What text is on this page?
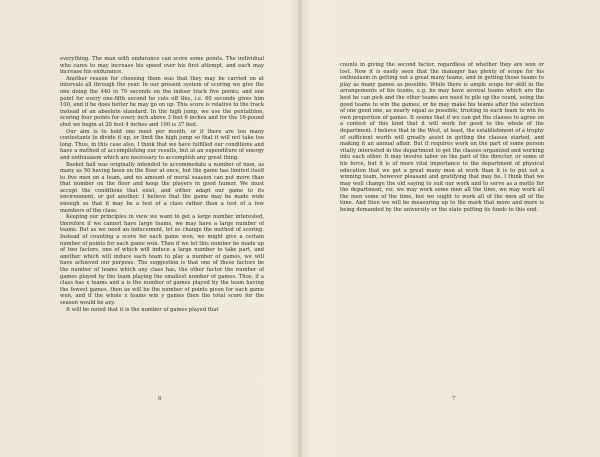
everything. The man with endurance can score some points. The individual who cares to may increase his speed over his first attempt, and each may increase his endurance.

Another reason for choosing them was that they may be carried on at intervals all through the year. In our present system of scoring we give the one doing the 440 in 79 seconds on the indoor track five points; and one point for every one-fifth second he cuts off this, i.e. 60 seconds gives him 100, and if he does better he may go on up. This score is relative to the track instead of an absolute standard. In the high jump, we use the pentathlon, scoring four points for every inch above 3 feet 6 inches and for the 16-pound shot we begin at 20 feet 4 inches and 100 is 37 feet.

Our aim is to hold one meet per month, or if there are too many contestants to divide it up, or limit the high jump so that it will not take too long. Thus, in this case also, I think that we have fulfilled our conditions and have a method of accomplishing our results, but at an expenditure of energy and enthusiasm which are necessary to accomplish any great thing.

Basket ball was originally intended to accommodate a number of men, as many as 50 having been on the floor at once, but the game has limited itself to five men on a team, and no amount of moral suasion can put more than that number on the floor and keep the players in good humor. We must accept the conditions that exist, and either adapt our game to its environment, or get another. I believe that the game may be made wide enough so that it may be a test of a class rather than a test of a few members of the class.

Keeping our principles in view we want to get a large number interested, therefore if we cannot have large teams, we may have a large number of teams. But as we need an inducement, let us change the method of scoring. Instead of counting a score for each game won, we might give a certain number of points for each game won. Then if we let this number be made up of two factors, one of which will induce a large number to take part, and another which will induce each team to play a number of games, we will have achieved our purpose. The suggestion is that one of these factors be the number of teams which any class has, the other factor the number of games played by the team playing the smallest number of games. Thus, if a class has x teams and a is the number of games played by the team having the fewest games, then ax will be the number of points given for each game won, and if the whole x teams win y games then the total score for the season would be axy.

It will be noted that it is the number of games played that

6

counts in giving the second factor, regardless of whether they are won or lost. Now it is easily seen that the manager has plenty of scope for his enthusiasm in getting out a great many teams, and in getting those teams to play as many games as possible. While there is ample scope for skill in the arrangements of his teams, e.g. he may have several teams which are the best he can pick and the other teams are need to pile up the count, using the good teams to win the games; or he may make his teams after the selection of one good one, as nearly equal as possible, trusting to each team to win its own proportion of games. It seems that if we can get the classes to agree on a contest of this kind that it will work for good to the whole of the department. I believe that in the West, at least, the establishment of a trophy of sufficient worth will greatly assist in getting the classes started, and making it an annual affair. But it requires work on the part of some person vitally interested in the department to get the classes organized and working into each other. It may involve labor on the part of the director, or some of his force, but it is of more vital importance to the department of physical education that we get a great many men at work than it is to put out a winning team, however pleasant and gratifying that may be. I think that we may well change the old saying to suit our work and to serve as a motto for the department, viz. we may work some men all the time, we may work all the men some of the time, but we ought to work all of the men all of the time. And then we will be measuring up to the mark that more and more is being demanded by the university or the state putting its funds to this end.

7
